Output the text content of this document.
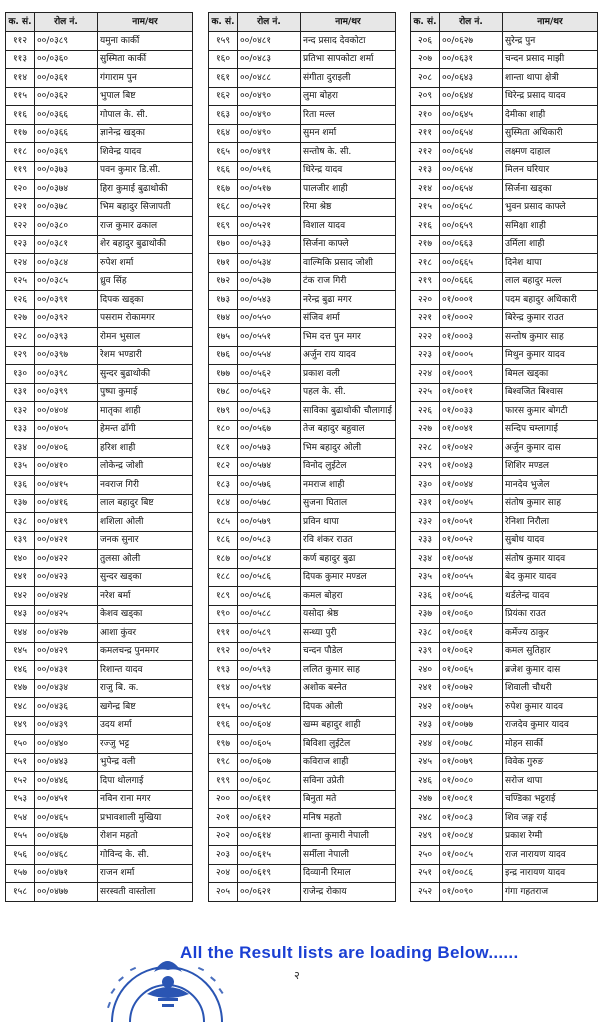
क. सं.	रोल नं.	नाम/थर
११२	००/०३८९	यमुना कार्की
११३	००/०३६०	सुस्मिता कार्की
११४	००/०३६१	गंगाराम पुन
११५	००/०३६२	भुपाल बिष्ट
११६	००/०३६६	गोपाल के. सी.
११७	००/०३६६	ज्ञानेन्द्र खड्का
११८	००/०३६९	शिवेन्द्र यादव
११९	००/०३७३	पवन कुमार डि.सी.
१२०	००/०३७४	हिरा कुमाई बुढाथोकी
१२१	००/०३७८	भिम बहादुर सिजापती
१२२	००/०३८०	राज कुमार ढकाल
१२३	००/०३८१	शेर बहादुर बुढाथोकी
१२४	००/०३८४	रुपेश शर्मा
१२५	००/०३८५	ध्रुव सिंह
१२६	००/०३९१	दिपक खड्का
१२७	००/०३९२	पसराम रोकामगर
१२८	००/०३९३	रोमन भुसाल
१२९	००/०३९७	रेशम भण्डारी
१३०	००/०३९८	सुन्दर बुढाथोकी
१३१	००/०३९९	पुष्पा कुमाई
१३२	००/०४०४	मातृका शाही
१३३	००/०४०५	हेमन्त ढाँगी
१३४	००/०४०६	हरिश शाही
१३५	००/०४१०	लोकेन्द्र जोशी
१३६	००/०४१५	नवराज गिरी
१३७	००/०४१६	लाल बहादुर बिष्ट
१३८	००/०४१९	शशिला ओली
१३९	००/०४२१	जनक सुनार
१४०	००/०४२२	तुलसा ओली
१४१	००/०४२३	सुन्दर खड्का
१४२	००/०४२४	नरेश बर्मा
१४३	००/०४२५	केशव खड्का
१४४	००/०४२७	आशा कुंवर
१४५	००/०४२९	कमलचन्द्र पुनमगर
१४६	००/०४३१	रिशान्त यादव
१४७	००/०४३४	राजु बि. क.
१४८	००/०४३६	खगेन्द्र बिष्ट
१४९	००/०४३९	उदय शर्मा
१५०	००/०४४०	रज्जु भट्ट
१५१	००/०४४३	भुपेन्द्र वली
१५२	००/०४४६	दिपा थोलगाई
१५३	००/०४५१	नविन राना मगर
१५४	००/०४६५	प्रभावशाली मुखिया
१५५	००/०४६७	रोशन महतो
१५६	००/०४६८	गोविन्द के. सी.
१५७	००/०४७१	राजन शर्मा
१५८	००/०४७७	सरस्वती वास्तोला
क. सं.	रोल नं.	नाम/थर
१५९	००/०४८१	नन्द प्रसाद देवकोटा
१६०	००/०४८३	प्रतिभा सापकोटा शर्मा
१६१	००/०४८८	संगीता दुराइली
१६२	००/०४९०	लुमा बोहरा
१६३	००/०४९०	रिता मल्ल
१६४	००/०४९०	सुमन शर्मा
१६५	००/०४९१	सन्तोष के. सी.
१६६	००/०५१६	धिरेन्द्र यादव
१६७	००/०५१७	पालजीर शाही
१६८	००/०५२१	रिमा श्रेष्ठ
१६९	००/०५२१	विशाल यादव
१७०	००/०५३३	सिर्जना काफ्ले
१७१	००/०५३४	वाल्मिकि प्रसाद जोशी
१७२	००/०५३७	टंक राज गिरी
१७३	००/०५४३	नरेन्द्र बुढा मगर
१७४	००/०५५०	संजिव शर्मा
१७५	००/०५५१	भिम दत्त पुन मगर
१७६	००/०५५४	अर्जुन राय यादव
१७७	००/०५६२	प्रकाश वली
१७८	००/०५६२	पहल के. सी.
१७९	००/०५६३	साविका बुढाथोकी चौलागाई
१८०	००/०५६७	तेज बहादुर बहुवाल
१८१	००/०५७३	भिम बहादुर ओली
१८२	००/०५७४	विनोद लुईटेल
१८३	००/०५७६	नमराज शाही
१८४	००/०५७८	सुजना घिताल
१८५	००/०५७९	प्रविन थापा
१८६	००/०५८३	रवि शंकर राउत
१८७	००/०५८४	कर्ण बहादुर बुढा
१८८	००/०५८६	दिपक कुमार मण्डल
१८९	००/०५८६	कमल बोहरा
१९०	००/०५८८	यसोदा श्रेष्ठ
१९१	००/०५८९	सन्ध्या पुरी
१९२	००/०५९२	चन्दन पौडेल
१९३	००/०५९३	ललित कुमार साह
१९४	००/०५९४	अशोक बस्नेत
१९५	००/०५९८	दिपक ओली
१९६	००/०६०४	खम्म बहादुर शाही
१९७	००/०६०५	बिविशा लुईटेल
१९८	००/०६०७	कविराज शाही
१९९	००/०६०८	सविना उप्रेती
२००	००/०६११	बिनुता मते
२०१	००/०६१२	मनिष महतो
२०२	००/०६१४	शान्ता कुमारी नेपाली
२०३	००/०६१५	सर्मीला नेपाली
२०४	००/०६१९	दिव्यानी रिमाल
२०५	००/०६२१	राजेन्द्र रोकाय
क. सं.	रोल नं.	नाम/थर
२०६	००/०६२७	सुरेन्द्र पुन
२०७	००/०६३१	चन्दन प्रसाद माझी
२०८	००/०६४३	शान्ता थापा क्षेत्री
२०९	००/०६४४	धिरेन्द्र प्रसाद यादव
२१०	००/०६४५	देमीका शाही
२११	००/०६५४	सुस्मिता अधिकारी
२१२	००/०६५४	लक्ष्मण दाहाल
२१३	००/०६५४	मिलन घरियार
२१४	००/०६५४	सिर्जना खड्का
२१५	००/०६५८	भुवन प्रसाद काफ्ले
२१६	००/०६५९	समिक्षा शाही
२१७	००/०६६३	उर्मिला शाही
२१८	००/०६६५	दिनेश थापा
२१९	००/०६६६	लाल बहादुर मल्ल
२२०	०१/०००१	पदम बहादुर अधिकारी
२२१	०१/०००२	बिरेन्द्र कुमार राउत
२२२	०१/०००३	सन्तोष कुमार साह
२२३	०१/०००५	मिथुन कुमार यादव
२२४	०१/०००९	बिमल खड्का
२२५	०१/००११	बिश्वजित बिश्वास
२२६	०१/००३३	फारस कुमार बोगटी
२२७	०१/००४१	सन्दिप चम्लागाई
२२८	०१/००४२	अर्जुन कुमार दास
२२९	०१/००४३	शिशिर मण्डल
२३०	०१/००४४	मानदेव भुजेल
२३१	०१/००४५	संतोष कुमार साह
२३२	०१/००५१	रेनिशा निरौला
२३३	०१/००५२	सुबोध यादव
२३४	०१/००५४	संतोष कुमार यादव
२३५	०१/००५५	बेद कुमार यादव
२३६	०१/००५६	थर्डलेन्द्र यादव
२३७	०१/००६०	प्रियंका राउत
२३८	०१/००६१	कर्मेज्य ठाकुर
२३९	०१/००६२	कमल सुतिहार
२४०	०१/००६५	ब्रजेश कुमार दास
२४१	०१/००७२	शिवाली चौधरी
२४२	०१/००७५	रुपेश कुमार यादव
२४३	०१/००७७	राजदेव कुमार यादव
२४४	०१/००७८	मोहन सार्की
२४५	०१/००७९	विवेक गुरुङ
२४६	०१/००८०	सरोज थापा
२४७	०१/००८१	चण्डिका भट्टराई
२४८	०१/००८३	शिव जङ्ग राई
२४९	०१/००८४	प्रकाश रेग्मी
२५०	०१/००८५	राज नारायण यादव
२५१	०१/००८६	इन्द्र नारायण यादव
२५२	०१/००९०	गंगा गहतराज
All the Result lists are loading Below......
२
